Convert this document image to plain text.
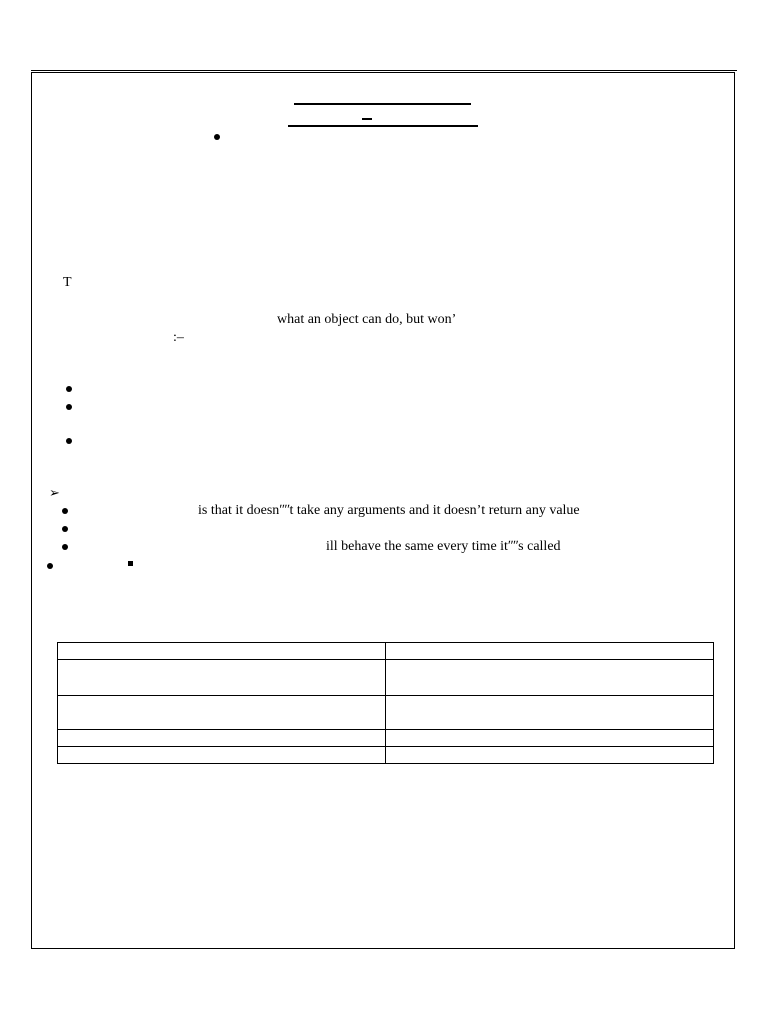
T
what an object can do, but wonʼ
:–
➢
is that it doesnʺʺt take any arguments and it doesnʼt return any value
ill behave the same every time itʺʺs called
